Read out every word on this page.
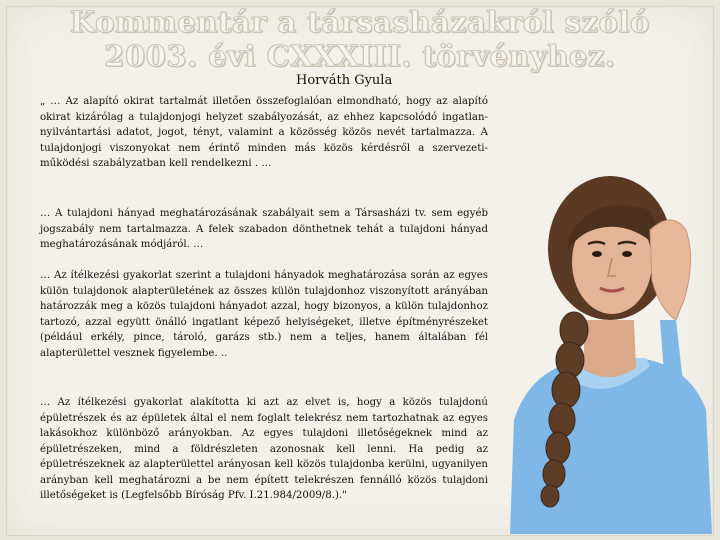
Kommentár a társasházakról szóló
2003. évi CXXXIII. törvényhez.
Horváth Gyula

„ … Az alapító okirat tartalmát illetően összefoglalóan elmondható, hogy az alapító okirat kizárólag a tulajdonjogi helyzet szabályozását, az ehhez kapcsolódó ingatlan-nyilvántartási adatot, jogot, tényt, valamint a közösség közös nevét tartalmazza. A tulajdonjogi viszonyokat nem érintő minden más közös kérdésről a szervezeti-működési szabályzatban kell rendelkezni . …

… A tulajdoni hányad meghatározásának szabályait sem a Társasházi tv. sem egyéb jogszabály nem tartalmazza. A felek szabadon dönthetnek tehát a tulajdoni hányad meghatározásának módjáról. …

… Az ítélkezési gyakorlat szerint a tulajdoni hányadok meghatározása során az egyes külön tulajdonok alapterületének az összes külön tulajdonhoz viszonyított arányában határozzák meg a közös tulajdoni hányadot azzal, hogy bizonyos, a külön tulajdonhoz tartozó, azzal együtt önálló ingatlant képező helyiségeket, illetve építményrészeket (például erkély, pince, tároló, garázs stb.) nem a teljes, hanem általában fél alapterülettel vesznek figyelembe. ..

… Az ítélkezési gyakorlat alakította ki azt az elvet is, hogy a közös tulajdonú épületrészek és az épületek által el nem foglalt telekrész nem tartozhatnak az egyes lakásokhoz különböző arányokban. Az egyes tulajdoni illetőségeknek mind az épületrészeken, mind a földrészleten azonosnak kell lenni. Ha pedig az épületrészeknek az alapterülettel arányosan kell közös tulajdonba kerülni, ugyanilyen arányban kell meghatározni a be nem épített telekrészen fennálló közös tulajdoni illetőségeket is (Legfelsőbb Bíróság Pfv. I.21.984/2009/8.)."
